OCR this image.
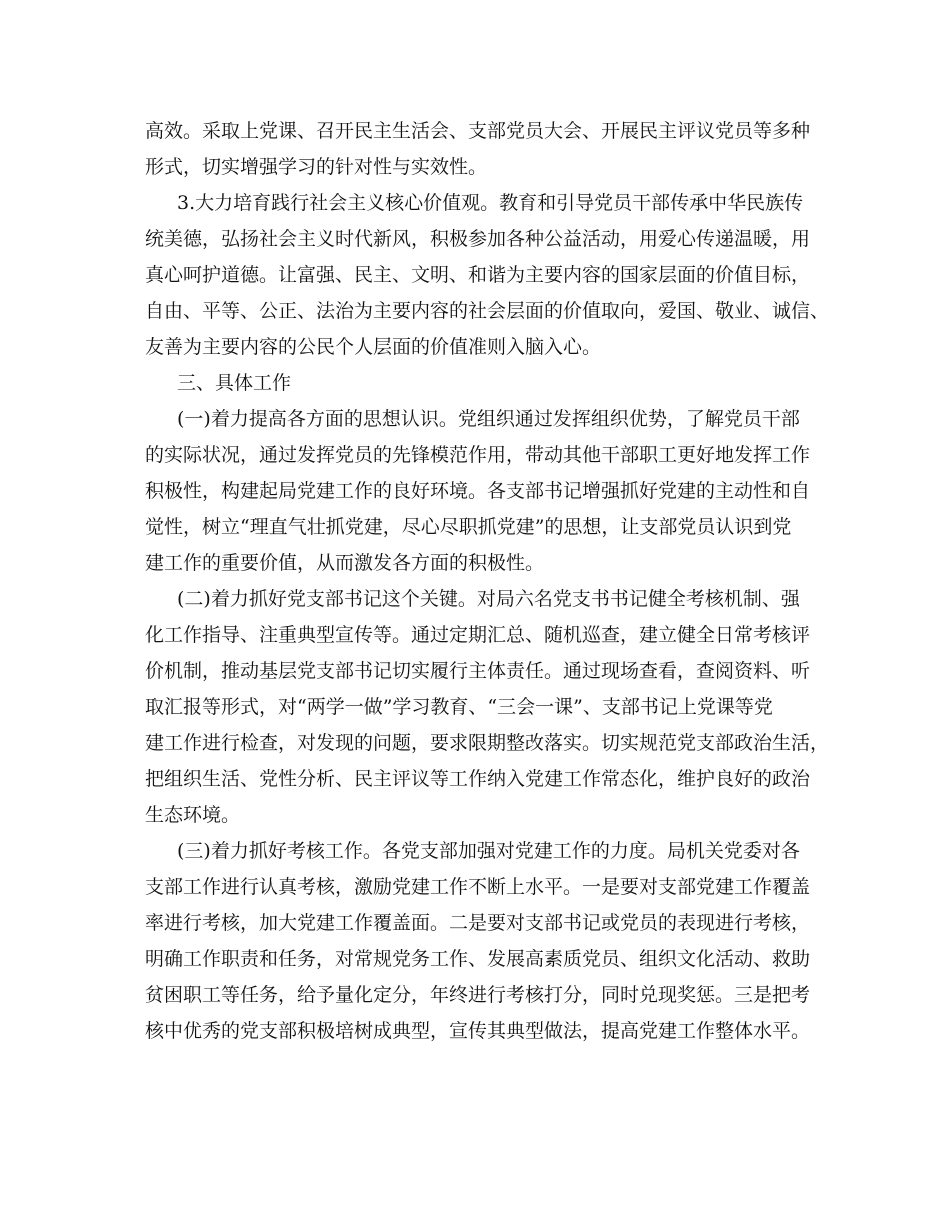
高效。采取上党课、召开民主生活会、支部党员大会、开展民主评议党员等多种
形式，切实增强学习的针对性与实效性。
3.大力培育践行社会主义核心价值观。教育和引导党员干部传承中华民族传
统美德，弘扬社会主义时代新风，积极参加各种公益活动，用爱心传递温暖，用
真心呵护道德。让富强、民主、文明、和谐为主要内容的国家层面的价值目标，
自由、平等、公正、法治为主要内容的社会层面的价值取向，爱国、敬业、诚信、
友善为主要内容的公民个人层面的价值准则入脑入心。
三、具体工作
(一)着力提高各方面的思想认识。党组织通过发挥组织优势，了解党员干部
的实际状况，通过发挥党员的先锋模范作用，带动其他干部职工更好地发挥工作
积极性，构建起局党建工作的良好环境。各支部书记增强抓好党建的主动性和自
觉性，树立“理直气壮抓党建，尽心尽职抓党建”的思想，让支部党员认识到党
建工作的重要价值，从而激发各方面的积极性。
(二)着力抓好党支部书记这个关键。对局六名党支书书记健全考核机制、强
化工作指导、注重典型宣传等。通过定期汇总、随机巡查，建立健全日常考核评
价机制，推动基层党支部书记切实履行主体责任。通过现场查看，查阅资料、听
取汇报等形式，对“两学一做”学习教育、“三会一课”、支部书记上党课等党
建工作进行检查，对发现的问题，要求限期整改落实。切实规范党支部政治生活，
把组织生活、党性分析、民主评议等工作纳入党建工作常态化，维护良好的政治
生态环境。
(三)着力抓好考核工作。各党支部加强对党建工作的力度。局机关党委对各
支部工作进行认真考核，激励党建工作不断上水平。一是要对支部党建工作覆盖
率进行考核，加大党建工作覆盖面。二是要对支部书记或党员的表现进行考核，
明确工作职责和任务，对常规党务工作、发展高素质党员、组织文化活动、救助
贫困职工等任务，给予量化定分，年终进行考核打分，同时兑现奖惩。三是把考
核中优秀的党支部积极培树成典型，宣传其典型做法，提高党建工作整体水平。
